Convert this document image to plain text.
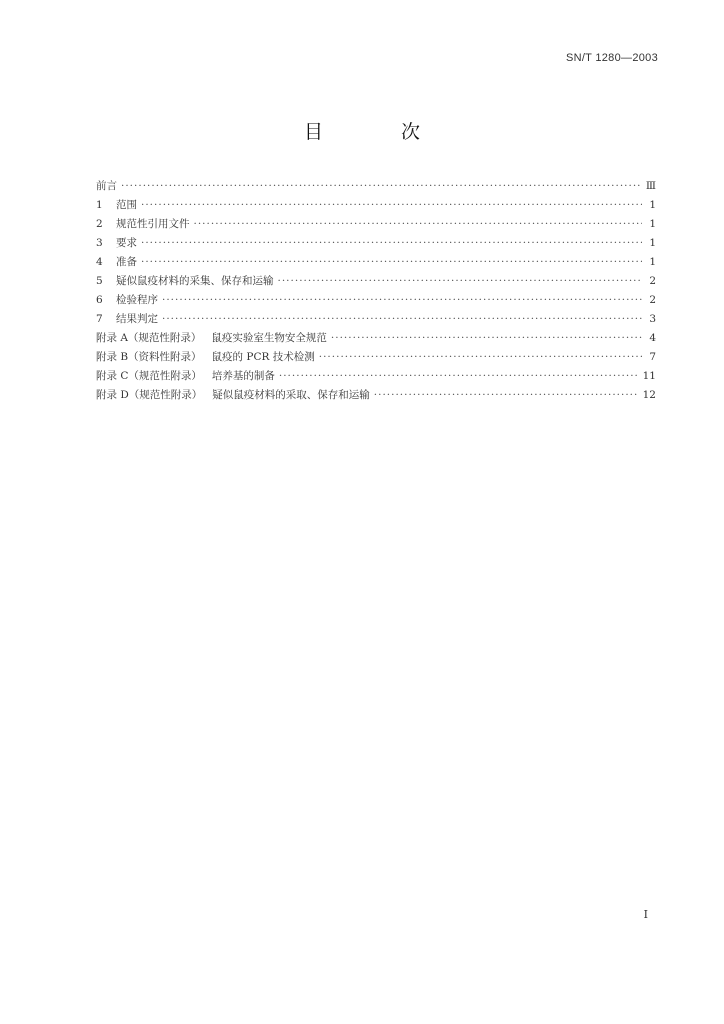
SN/T 1280—2003
目 次
前言 ·····	Ⅲ
1	范围 ·····	1
2	规范性引用文件 ·····	1
3	要求 ·····	1
4	准备 ·····	1
5	疑似鼠疫材料的采集、保存和运输 ·····	2
6	检验程序 ·····	2
7	结果判定 ·····	3
附录 A（规范性附录） 鼠疫实验室生物安全规范 ·····	4
附录 B（资料性附录） 鼠疫的 PCR 技术检测 ·····	7
附录 C（规范性附录） 培养基的制备 ·····	11
附录 D（规范性附录） 疑似鼠疫材料的采取、保存和运输 ·····	12
Ⅰ
